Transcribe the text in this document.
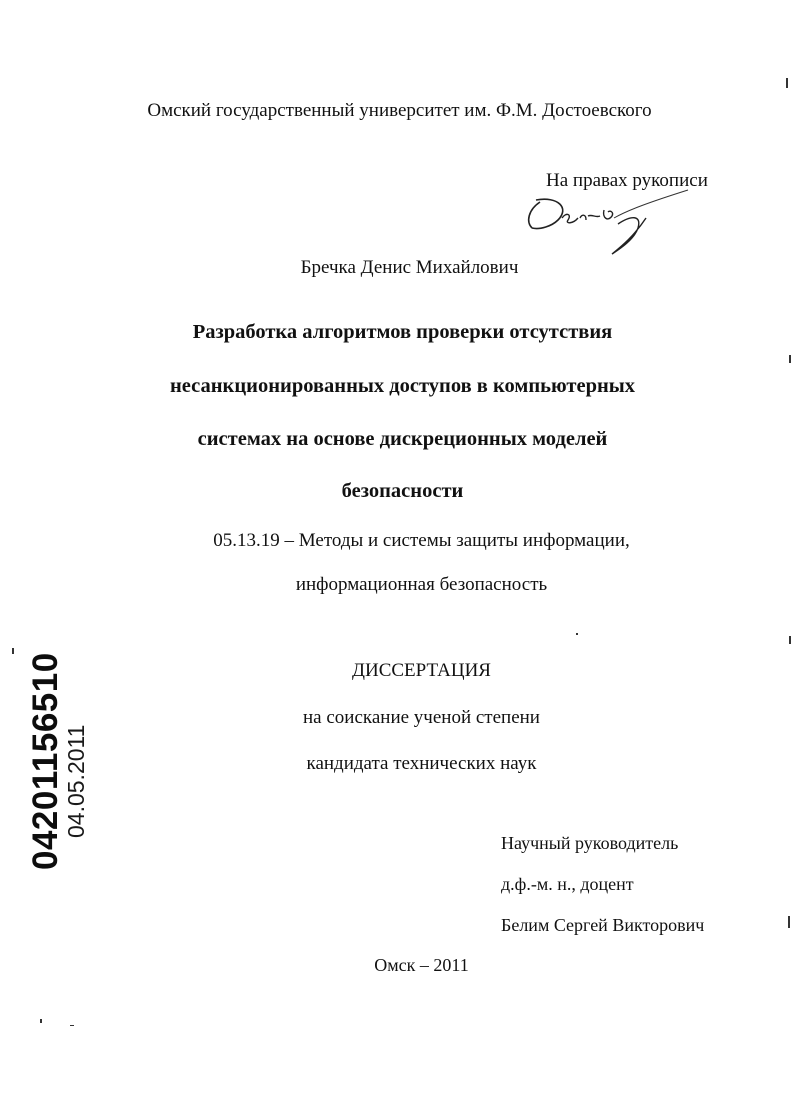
Омский государственный университет им. Ф.М. Достоевского
На правах рукописи
Бречка Денис Михайлович
Разработка алгоритмов проверки отсутствия
несанкционированных доступов в компьютерных
системах на основе дискреционных моделей
безопасности
05.13.19 – Методы и системы защиты информации,
информационная безопасность
ДИССЕРТАЦИЯ
на соискание ученой степени
кандидата технических наук
Научный руководитель
д.ф.-м. н., доцент
Белим Сергей Викторович
Омск – 2011
04201156510
04.05.2011
